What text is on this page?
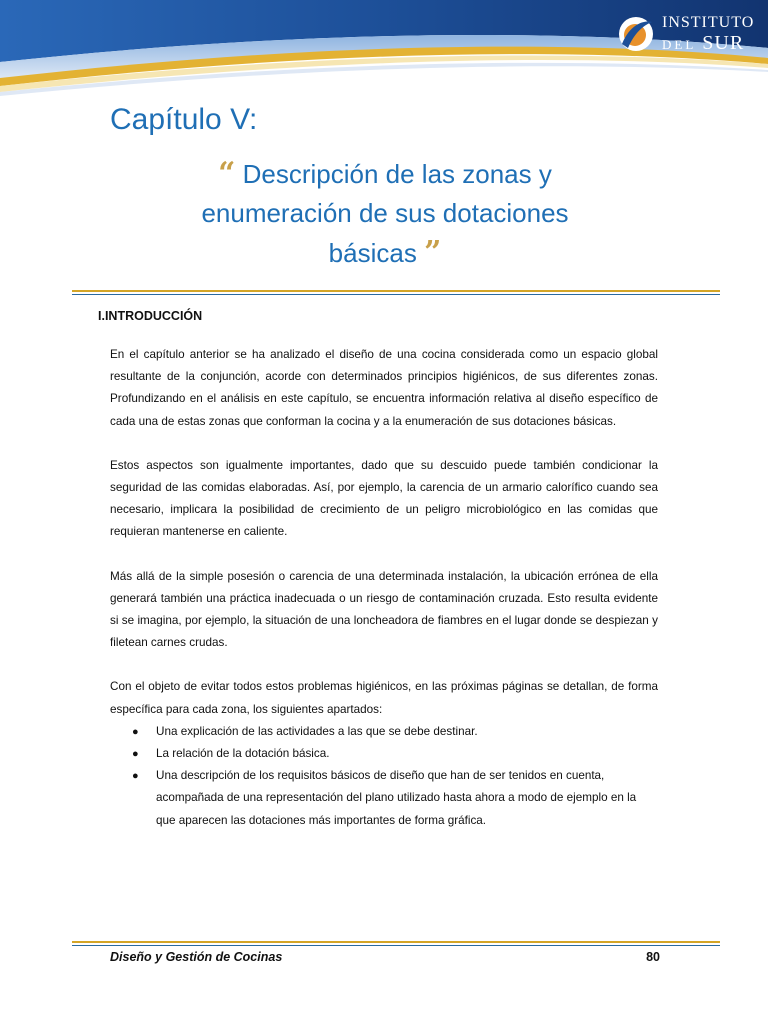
INSTITUTO
DEL SUR
Capítulo V:
“ Descripción de las zonas y
enumeración de sus dotaciones
básicas ”
I.INTRODUCCIÓN

En el capítulo anterior se ha analizado el diseño de una cocina considerada como un espacio global resultante de la conjunción, acorde con determinados principios higiénicos, de sus diferentes zonas. Profundizando en el análisis en este capítulo, se encuentra información relativa al diseño específico de cada una de estas zonas que conforman la cocina y a la enumeración de sus dotaciones básicas.

Estos aspectos son igualmente importantes, dado que su descuido puede también condicionar la seguridad de las comidas elaboradas. Así, por ejemplo, la carencia de un armario calorífico cuando sea necesario, implicara la posibilidad de crecimiento de un peligro microbiológico en las comidas que requieran mantenerse en caliente.

Más allá de la simple posesión o carencia de una determinada instalación, la ubicación errónea de ella generará también una práctica inadecuada o un riesgo de contaminación cruzada. Esto resulta evidente si se imagina, por ejemplo, la situación de una loncheadora de fiambres en el lugar donde se despiezan y filetean carnes crudas.

Con el objeto de evitar todos estos problemas higiénicos, en las próximas páginas se detallan, de forma específica para cada zona, los siguientes apartados:

● Una explicación de las actividades a las que se debe destinar.
● La relación de la dotación básica.
● Una descripción de los requisitos básicos de diseño que han de ser tenidos en cuenta, acompañada de una representación del plano utilizado hasta ahora a modo de ejemplo en la que aparecen las dotaciones más importantes de forma gráfica.
Diseño y Gestión de Cocinas	80
